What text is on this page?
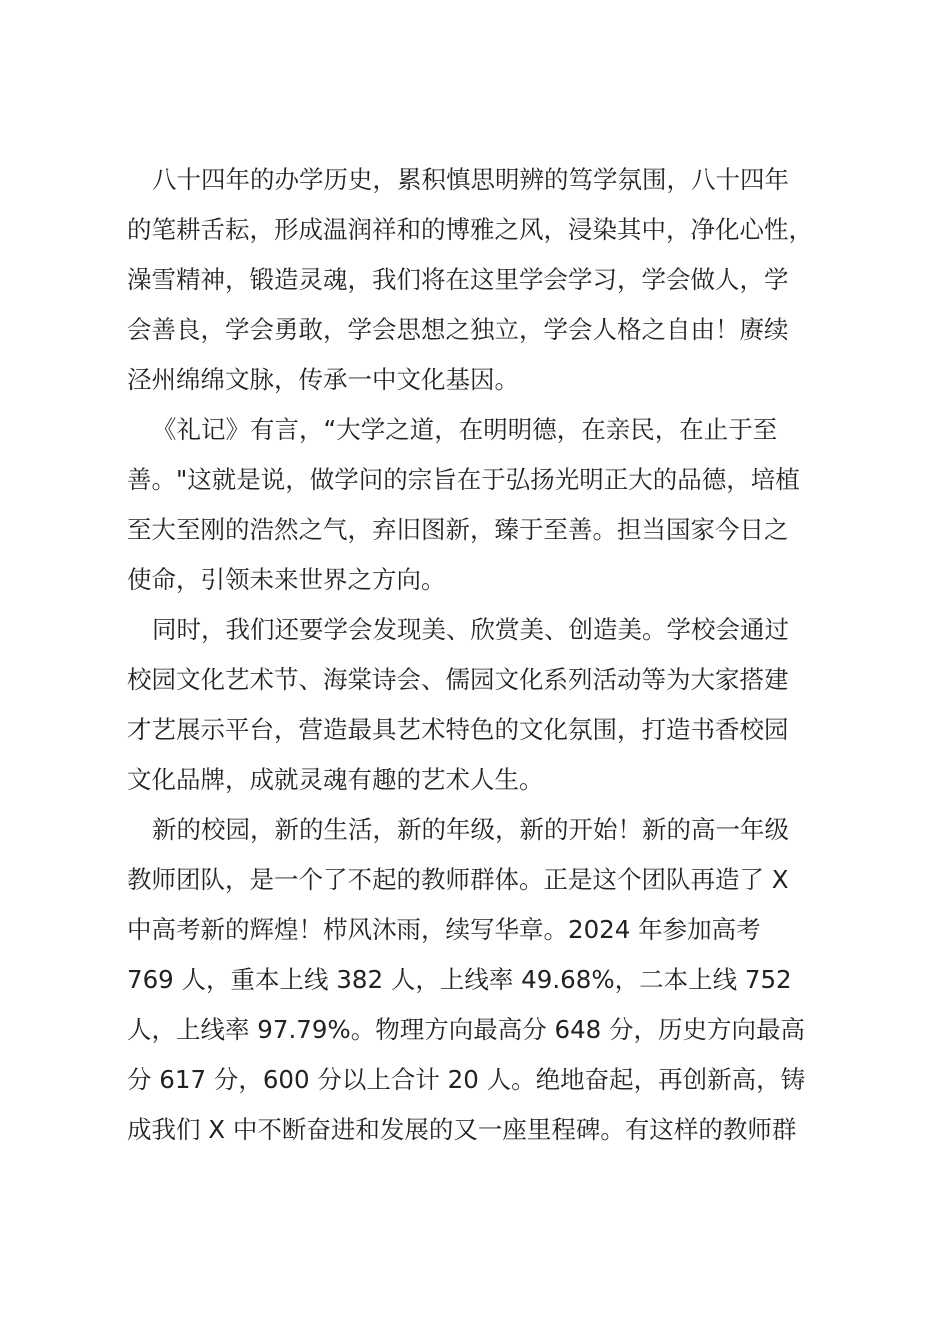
八十四年的办学历史，累积慎思明辨的笃学氛围，八十四年
的笔耕舌耘，形成温润祥和的博雅之风，浸染其中，净化心性，
澡雪精神，锻造灵魂，我们将在这里学会学习，学会做人，学
会善良，学会勇敢，学会思想之独立，学会人格之自由！赓续
泾州绵绵文脉，传承一中文化基因。
《礼记》有言，“大学之道，在明明德，在亲民，在止于至
善。"这就是说，做学问的宗旨在于弘扬光明正大的品德，培植
至大至刚的浩然之气，弃旧图新，臻于至善。担当国家今日之
使命，引领未来世界之方向。
同时，我们还要学会发现美、欣赏美、创造美。学校会通过
校园文化艺术节、海棠诗会、儒园文化系列活动等为大家搭建
才艺展示平台，营造最具艺术特色的文化氛围，打造书香校园
文化品牌，成就灵魂有趣的艺术人生。
新的校园，新的生活，新的年级，新的开始！新的高一年级
教师团队，是一个了不起的教师群体。正是这个团队再造了 X
中高考新的辉煌！栉风沐雨，续写华章。2024 年参加高考
769 人，重本上线 382 人，上线率 49.68%，二本上线 752
人，上线率 97.79%。物理方向最高分 648 分，历史方向最高
分 617 分，600 分以上合计 20 人。绝地奋起，再创新高，铸
成我们 X 中不断奋进和发展的又一座里程碑。有这样的教师群
